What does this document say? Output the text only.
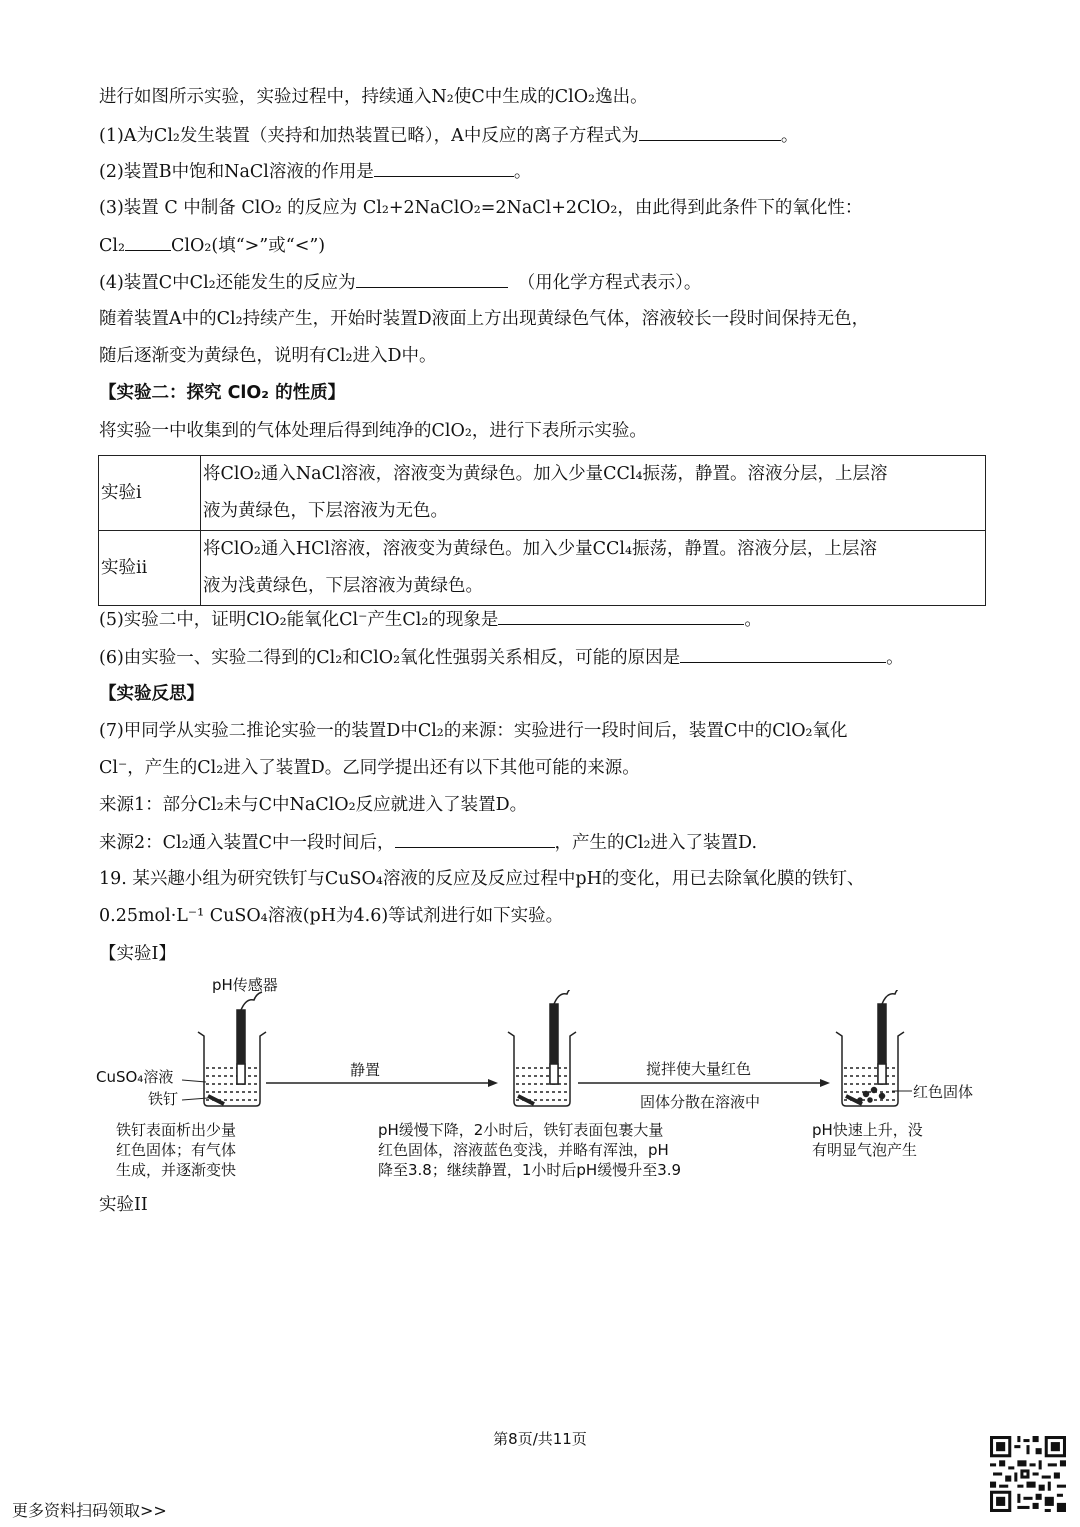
进行如图所示实验，实验过程中，持续通入N₂使C中生成的ClO₂逸出。
(1)A为Cl₂发生装置（夹持和加热装置已略），A中反应的离子方程式为	。
(2)装置B中饱和NaCl溶液的作用是	。
(3)装置 C 中制备 ClO₂ 的反应为 Cl₂+2NaClO₂=2NaCl+2ClO₂，由此得到此条件下的氧化性：
Cl₂	ClO₂(填“>”或“<”)
(4)装置C中Cl₂还能发生的反应为	（用化学方程式表示）。
随着装置A中的Cl₂持续产生，开始时装置D液面上方出现黄绿色气体，溶液较长一段时间保持无色，
随后逐渐变为黄绿色，说明有Cl₂进入D中。
【实验二：探究 ClO₂ 的性质】
将实验一中收集到的气体处理后得到纯净的ClO₂，进行下表所示实验。
实验i	将ClO₂通入NaCl溶液，溶液变为黄绿色。加入少量CCl₄振荡，静置。溶液分层，上层溶
液为黄绿色，下层溶液为无色。

实验ii	将ClO₂通入HCl溶液，溶液变为黄绿色。加入少量CCl₄振荡，静置。溶液分层，上层溶
液为浅黄绿色，下层溶液为黄绿色。
(5)实验二中，证明ClO₂能氧化Cl⁻产生Cl₂的现象是	。
(6)由实验一、实验二得到的Cl₂和ClO₂氧化性强弱关系相反，可能的原因是	。
【实验反思】
(7)甲同学从实验二推论实验一的装置D中Cl₂的来源：实验进行一段时间后，装置C中的ClO₂氧化
Cl⁻，产生的Cl₂进入了装置D。乙同学提出还有以下其他可能的来源。
来源1：部分Cl₂未与C中NaClO₂反应就进入了装置D。
来源2：Cl₂通入装置C中一段时间后，	，产生的Cl₂进入了装置D.
19. 某兴趣小组为研究铁钉与CuSO₄溶液的反应及反应过程中pH的变化，用已去除氧化膜的铁钉、
0.25mol·L⁻¹ CuSO₄溶液(pH为4.6)等试剂进行如下实验。
【实验I】
pH传感器
CuSO₄溶液
铁钉
静置	搅拌使大量红色
固体分散在溶液中
红色固体
铁钉表面析出少量
红色固体；有气体
生成，并逐渐变快
pH缓慢下降，2小时后，铁钉表面包裹大量
红色固体，溶液蓝色变浅，并略有浑浊，pH
降至3.8；继续静置，1小时后pH缓慢升至3.9
pH快速上升，没
有明显气泡产生
实验II
第8页/共11页
更多资料扫码领取>>
